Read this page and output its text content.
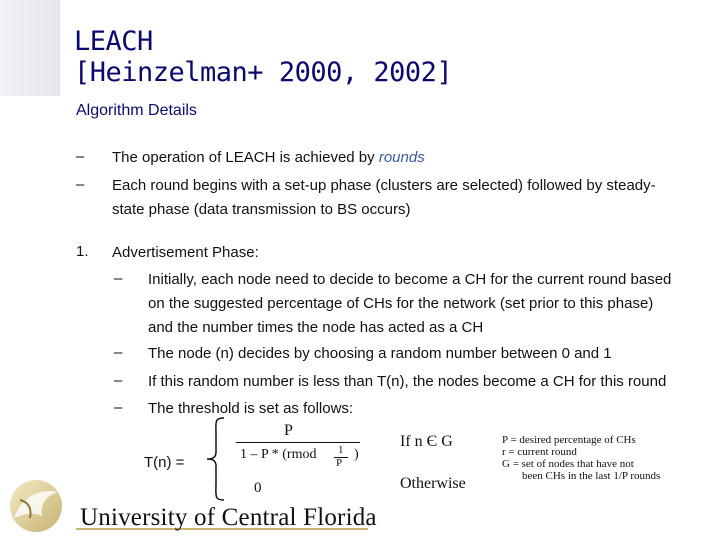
LEACH
[Heinzelman+ 2000, 2002]
Algorithm Details
– The operation of LEACH is achieved by rounds
– Each round begins with a set-up phase (clusters are selected) followed by steady-
state phase (data transmission to BS occurs)
1. Advertisement Phase:
– Initially, each node need to decide to become a CH for the current round based
on the suggested percentage of CHs for the network (set prior to this phase)
and the number times the node has acted as a CH
– The node (n) decides by choosing a random number between 0 and 1
– If this random number is less than T(n), the nodes become a CH for this round
– The threshold is set as follows:
T(n) =
P
1 – P * (rmod 1
P
)
0
If n Є G
Otherwise
P = desired percentage of CHs
r = current round
G = set of nodes that have not
been CHs in the last 1/P rounds
University of Central Florida
